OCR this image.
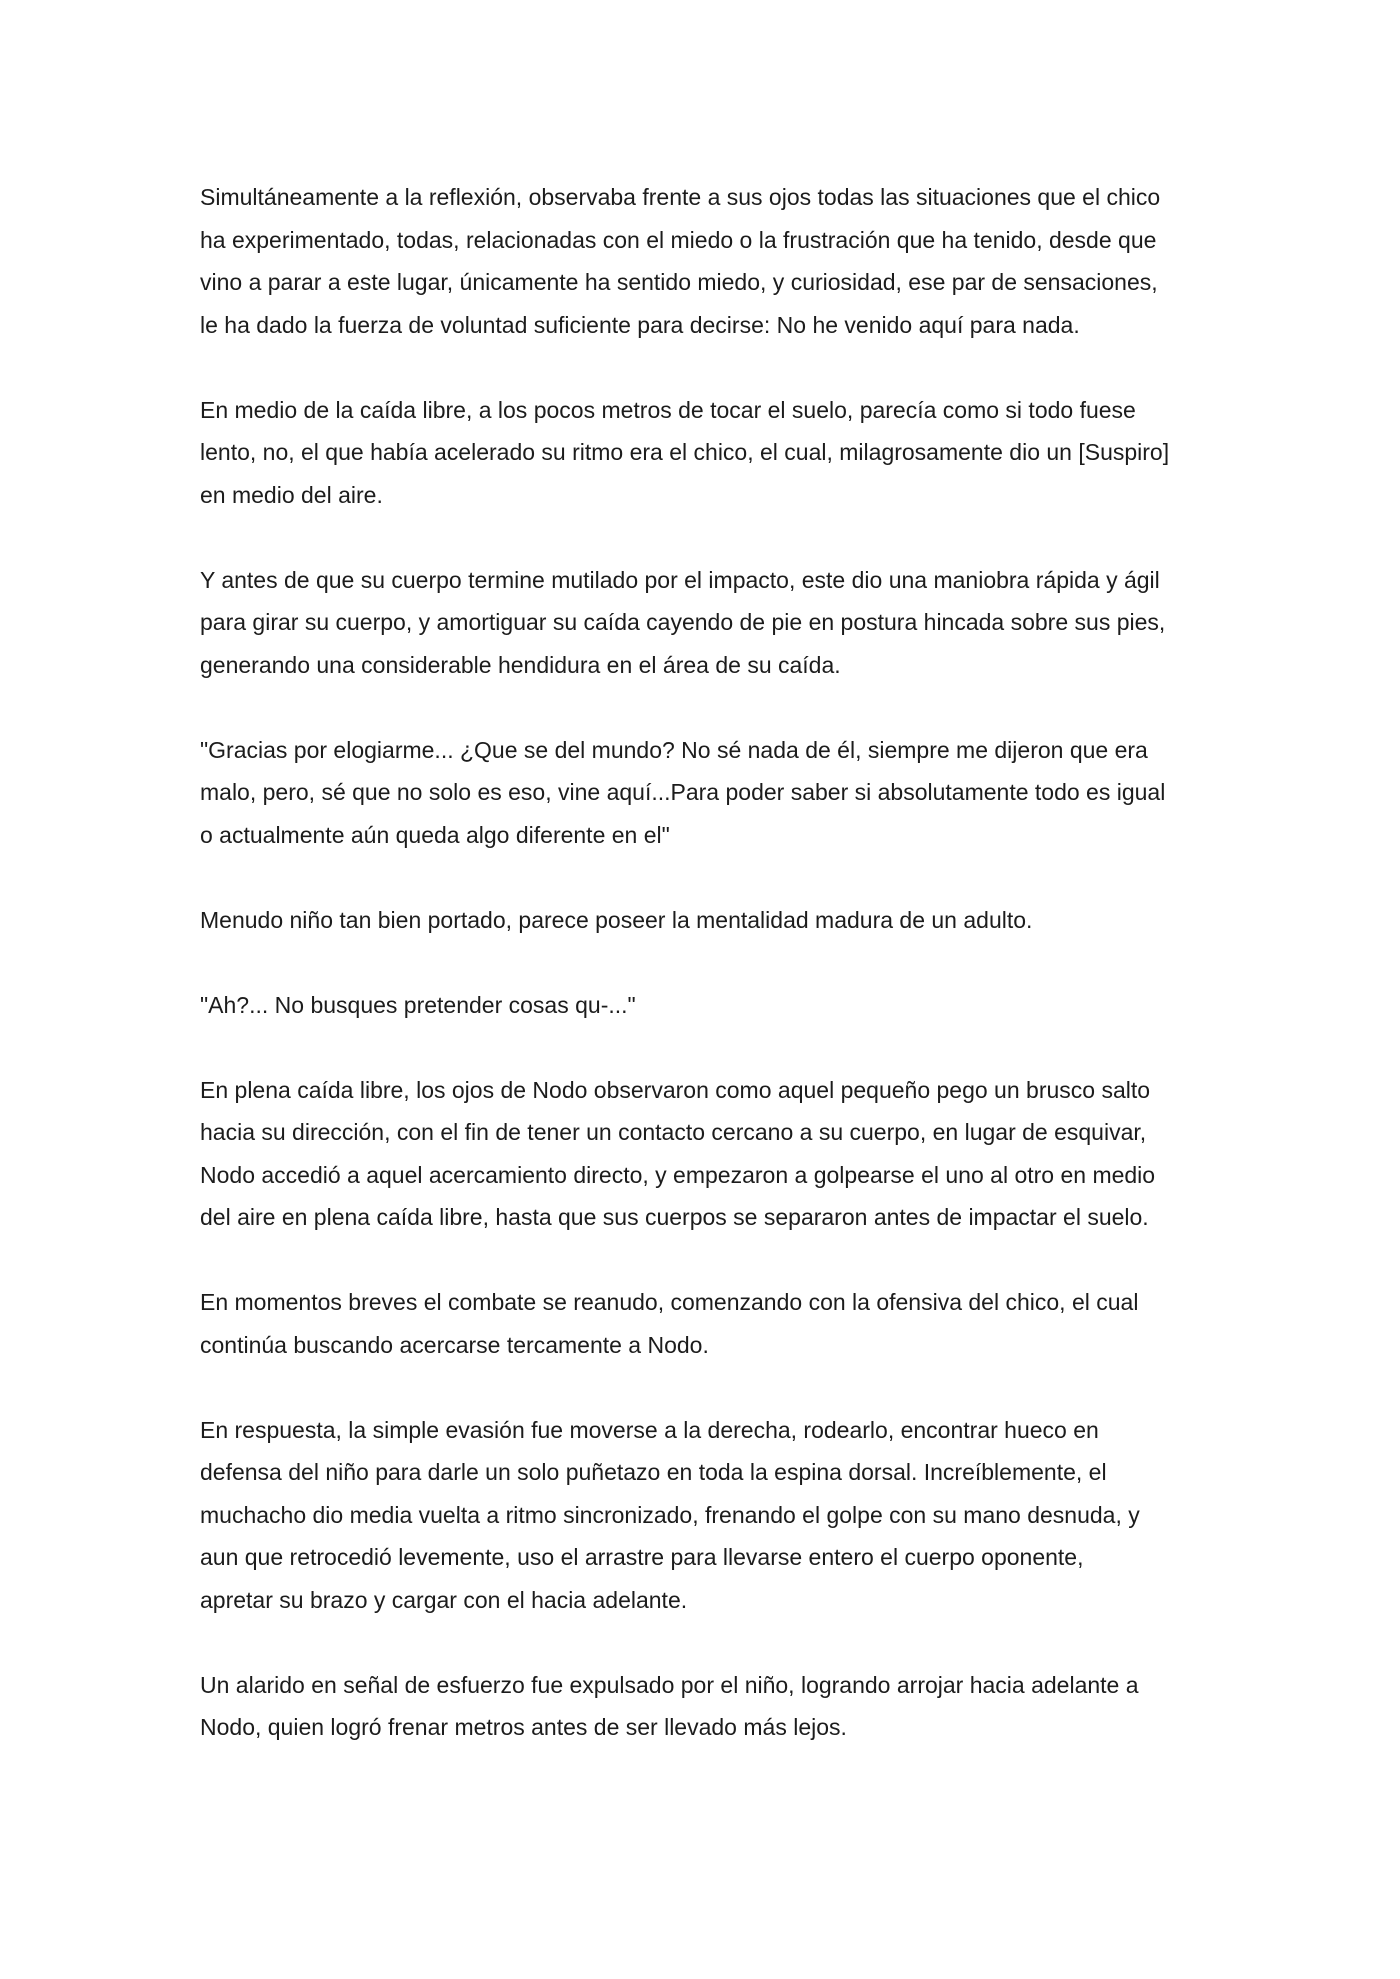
Simultáneamente a la reflexión, observaba frente a sus ojos todas las situaciones que el chico
ha experimentado, todas, relacionadas con el miedo o la frustración que ha tenido, desde que
vino a parar a este lugar, únicamente ha sentido miedo, y curiosidad, ese par de sensaciones,
le ha dado la fuerza de voluntad suficiente para decirse: No he venido aquí para nada.

En medio de la caída libre, a los pocos metros de tocar el suelo, parecía como si todo fuese
lento, no, el que había acelerado su ritmo era el chico, el cual, milagrosamente dio un [Suspiro]
en medio del aire.

Y antes de que su cuerpo termine mutilado por el impacto, este dio una maniobra rápida y ágil
para girar su cuerpo, y amortiguar su caída cayendo de pie en postura hincada sobre sus pies,
generando una considerable hendidura en el área de su caída.

"Gracias por elogiarme... ¿Que se del mundo? No sé nada de él, siempre me dijeron que era
malo, pero, sé que no solo es eso, vine aquí...Para poder saber si absolutamente todo es igual
o actualmente aún queda algo diferente en el"

Menudo niño tan bien portado, parece poseer la mentalidad madura de un adulto.

"Ah?... No busques pretender cosas qu-..."

En plena caída libre, los ojos de Nodo observaron como aquel pequeño pego un brusco salto
hacia su dirección, con el fin de tener un contacto cercano a su cuerpo, en lugar de esquivar,
Nodo accedió a aquel acercamiento directo, y empezaron a golpearse el uno al otro en medio
del aire en plena caída libre, hasta que sus cuerpos se separaron antes de impactar el suelo.

En momentos breves el combate se reanudo, comenzando con la ofensiva del chico, el cual
continúa buscando acercarse tercamente a Nodo.

En respuesta, la simple evasión fue moverse a la derecha, rodearlo, encontrar hueco en
defensa del niño para darle un solo puñetazo en toda la espina dorsal. Increíblemente, el
muchacho dio media vuelta a ritmo sincronizado, frenando el golpe con su mano desnuda, y
aun que retrocedió levemente, uso el arrastre para llevarse entero el cuerpo oponente,
apretar su brazo y cargar con el hacia adelante.

Un alarido en señal de esfuerzo fue expulsado por el niño, logrando arrojar hacia adelante a
Nodo, quien logró frenar metros antes de ser llevado más lejos.
